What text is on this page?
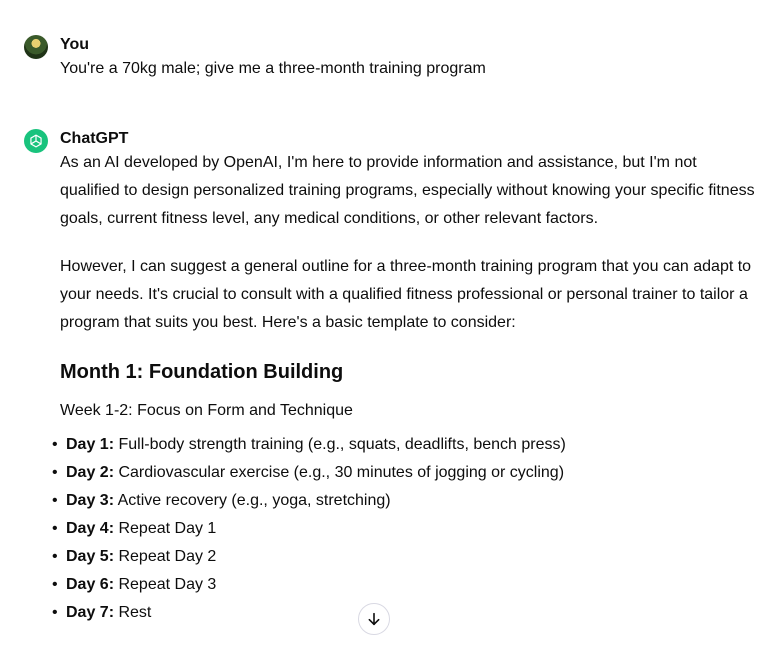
You
You're a 70kg male; give me a three-month training program
ChatGPT

As an AI developed by OpenAI, I'm here to provide information and assistance, but I'm not qualified to design personalized training programs, especially without knowing your specific fitness goals, current fitness level, any medical conditions, or other relevant factors.

However, I can suggest a general outline for a three-month training program that you can adapt to your needs. It's crucial to consult with a qualified fitness professional or personal trainer to tailor a program that suits you best. Here's a basic template to consider:

Month 1: Foundation Building
Week 1-2: Focus on Form and Technique
• Day 1: Full-body strength training (e.g., squats, deadlifts, bench press)
• Day 2: Cardiovascular exercise (e.g., 30 minutes of jogging or cycling)
• Day 3: Active recovery (e.g., yoga, stretching)
• Day 4: Repeat Day 1
• Day 5: Repeat Day 2
• Day 6: Repeat Day 3
• Day 7: Rest
